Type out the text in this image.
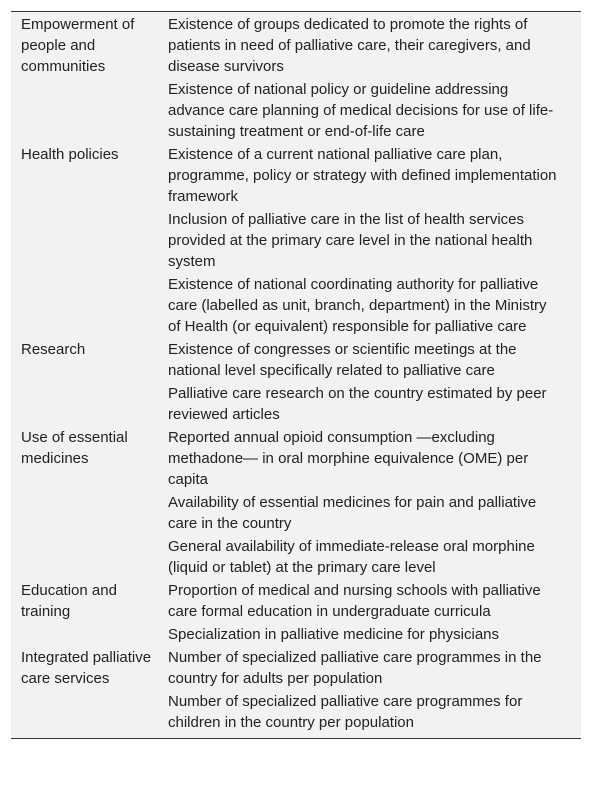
Empowerment of people and communities	Existence of groups dedicated to promote the rights of patients in need of palliative care, their caregivers, and disease survivors
	Existence of national policy or guideline addressing advance care planning of medical decisions for use of life-sustaining treatment or end-of-life care
Health policies	Existence of a current national palliative care plan, programme, policy or strategy with defined implementation framework
	Inclusion of palliative care in the list of health services provided at the primary care level in the national health system
	Existence of national coordinating authority for palliative care (labelled as unit, branch, department) in the Ministry of Health (or equivalent) responsible for palliative care
Research	Existence of congresses or scientific meetings at the national level specifically related to palliative care
	Palliative care research on the country estimated by peer reviewed articles
Use of essential medicines	Reported annual opioid consumption —excluding methadone— in oral morphine equivalence (OME) per capita
	Availability of essential medicines for pain and palliative care in the country
	General availability of immediate-release oral morphine (liquid or tablet) at the primary care level
Education and training	Proportion of medical and nursing schools with palliative care formal education in undergraduate curricula
	Specialization in palliative medicine for physicians
Integrated palliative care services	Number of specialized palliative care programmes in the country for adults per population
	Number of specialized palliative care programmes for children in the country per population
